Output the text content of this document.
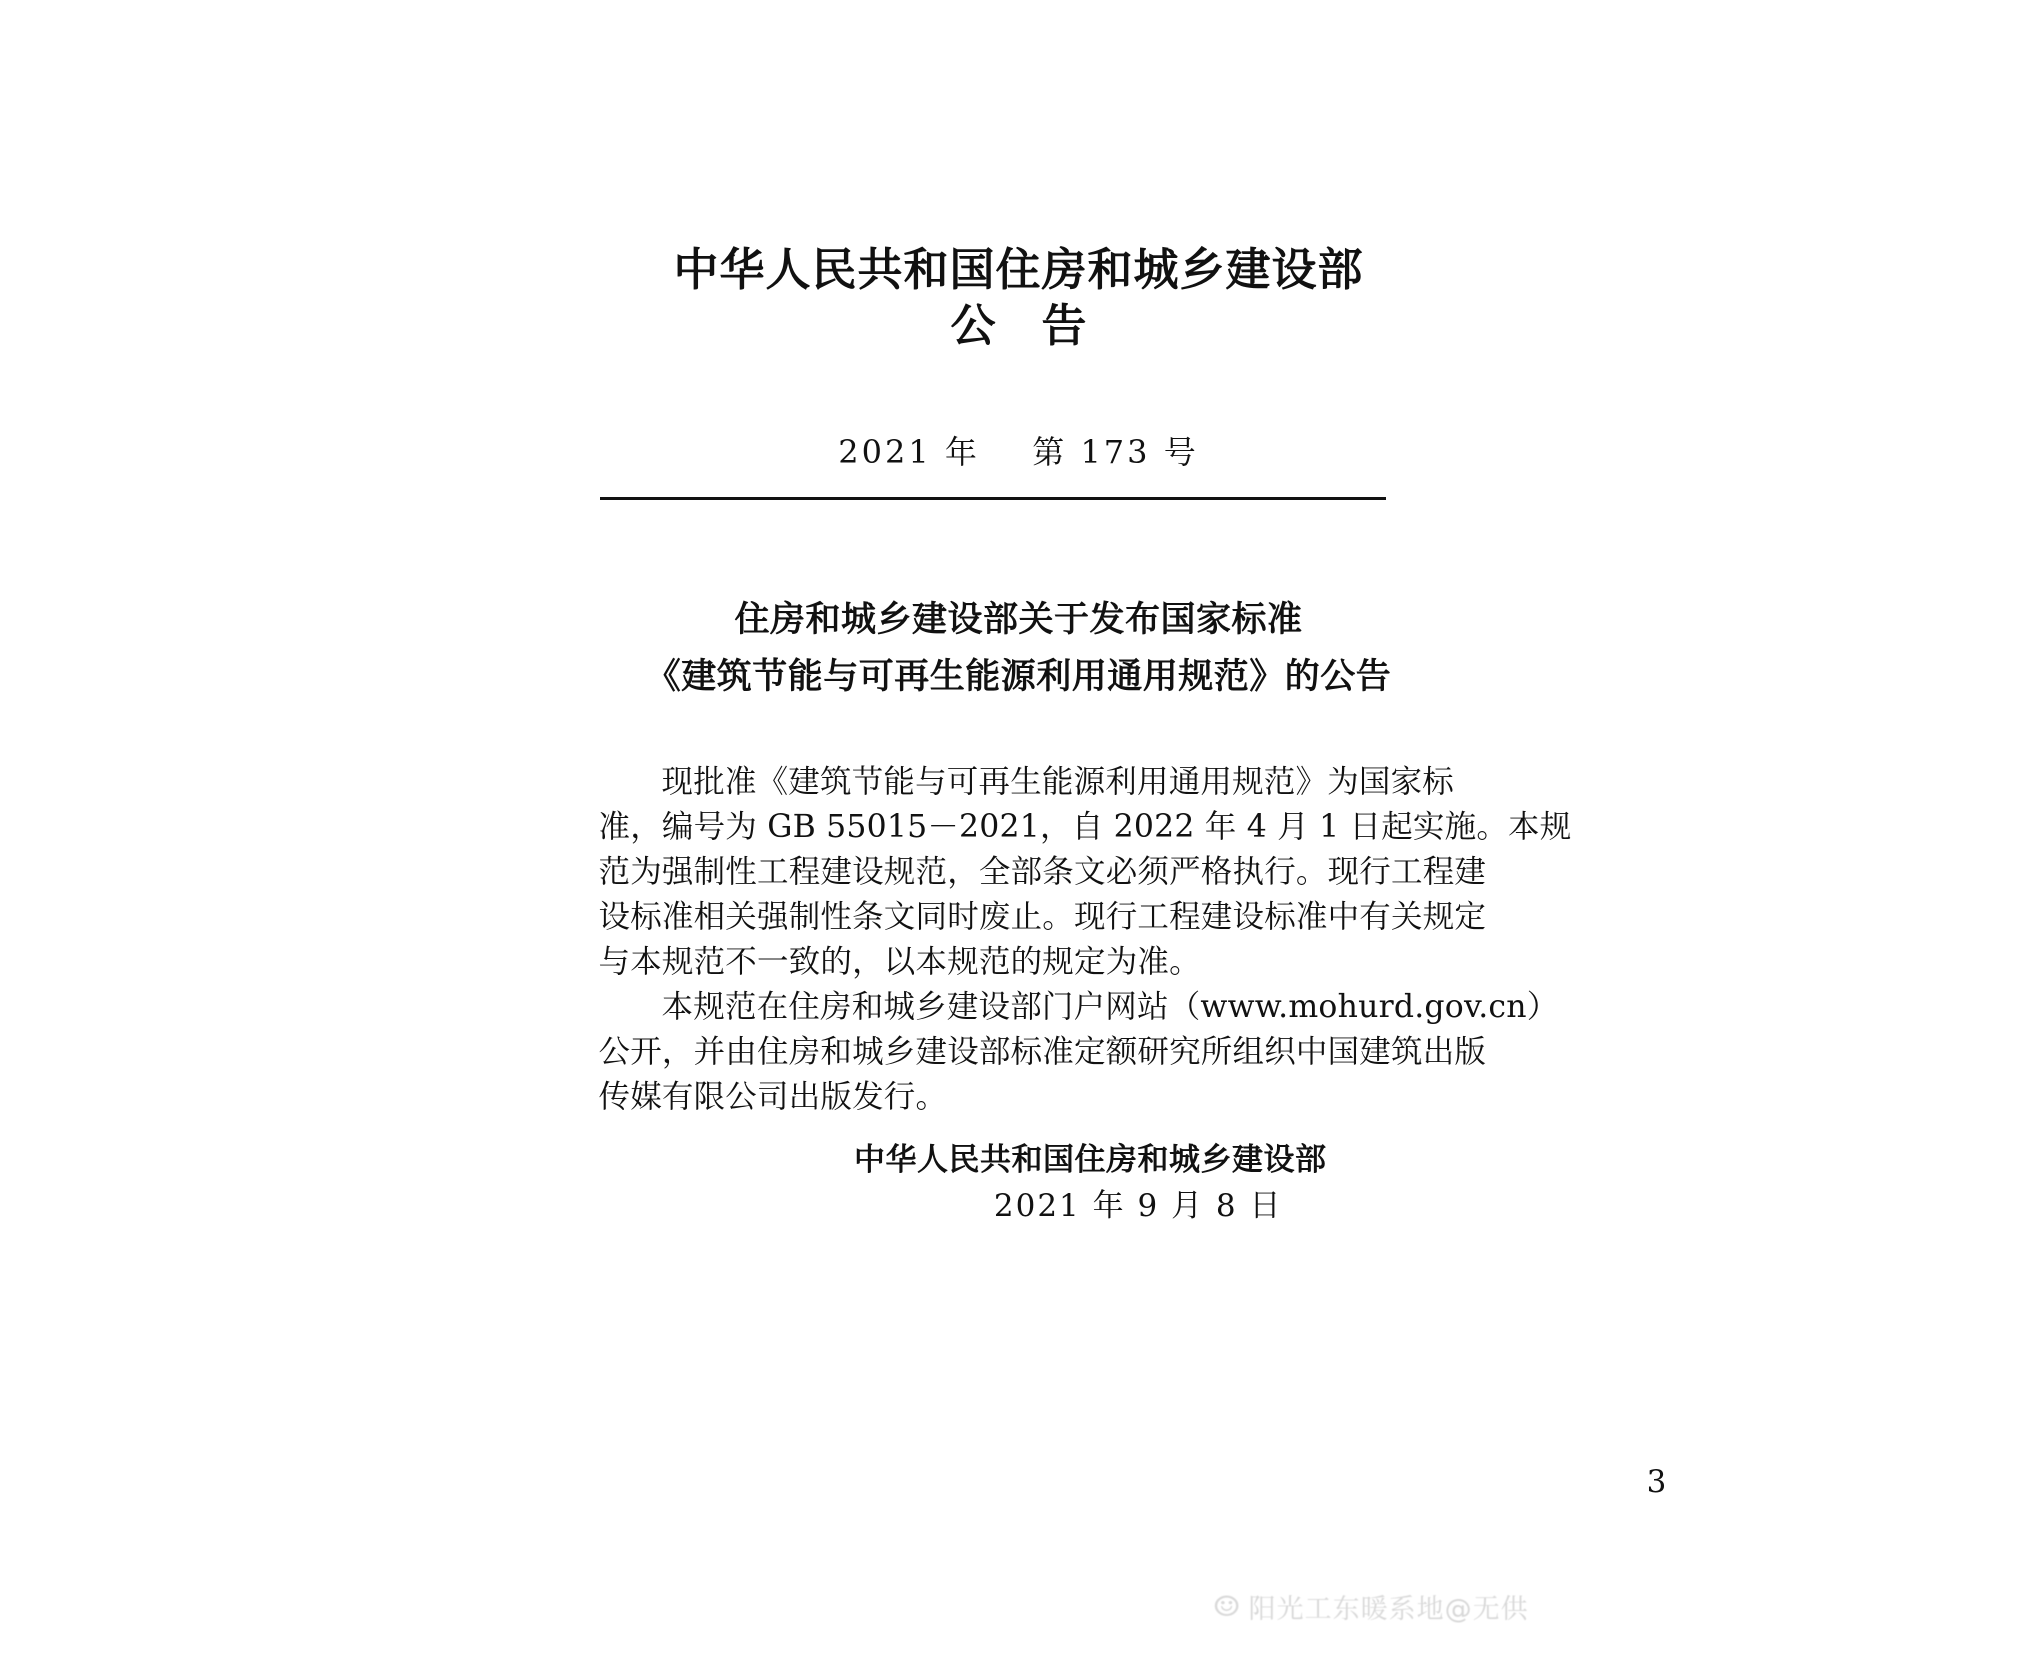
中华人民共和国住房和城乡建设部
公告
2021 年 第 173 号
住房和城乡建设部关于发布国家标准
《建筑节能与可再生能源利用通用规范》的公告

现批准《建筑节能与可再生能源利用通用规范》为国家标
准，编号为 GB 55015－2021，自 2022 年 4 月 1 日起实施。本规
范为强制性工程建设规范，全部条文必须严格执行。现行工程建
设标准相关强制性条文同时废止。现行工程建设标准中有关规定
与本规范不一致的，以本规范的规定为准。

本规范在住房和城乡建设部门户网站（www.mohurd.gov.cn）
公开，并由住房和城乡建设部标准定额研究所组织中国建筑出版
传媒有限公司出版发行。

中华人民共和国住房和城乡建设部
2021 年 9 月 8 日
3
☺ 阳光工东暖系地@无供
